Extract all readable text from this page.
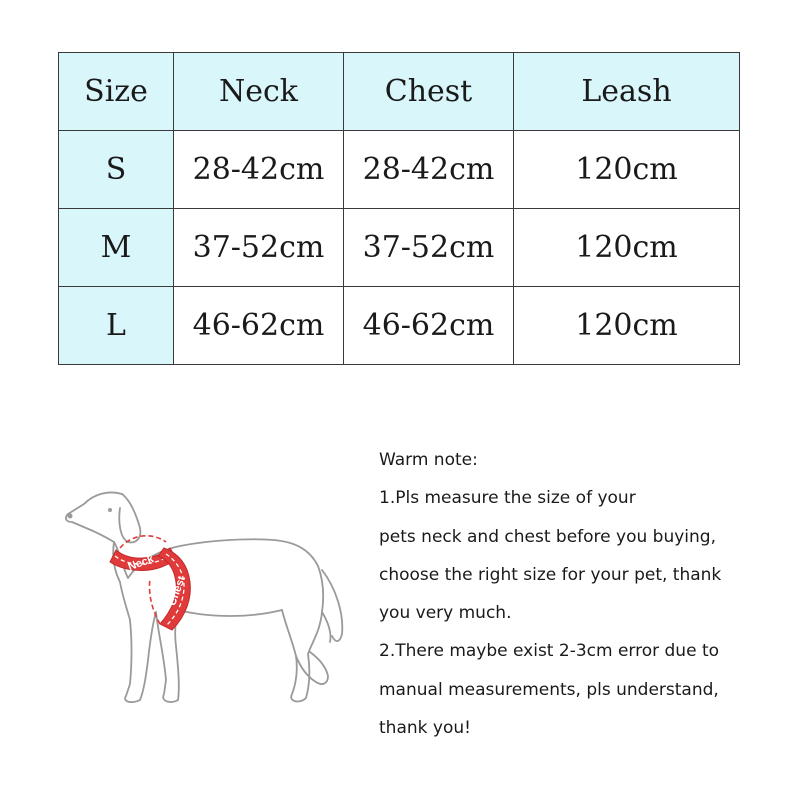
Size	Neck	Chest	Leash
S	28-42cm	28-42cm	120cm
M	37-52cm	37-52cm	120cm
L	46-62cm	46-62cm	120cm
Neck
Chest
Warm note:
1.Pls measure the size of your
pets neck and chest before you buying,
choose the right size for your pet, thank
you very much.
2.There maybe exist 2-3cm error due to
manual measurements, pls understand,
thank you!
